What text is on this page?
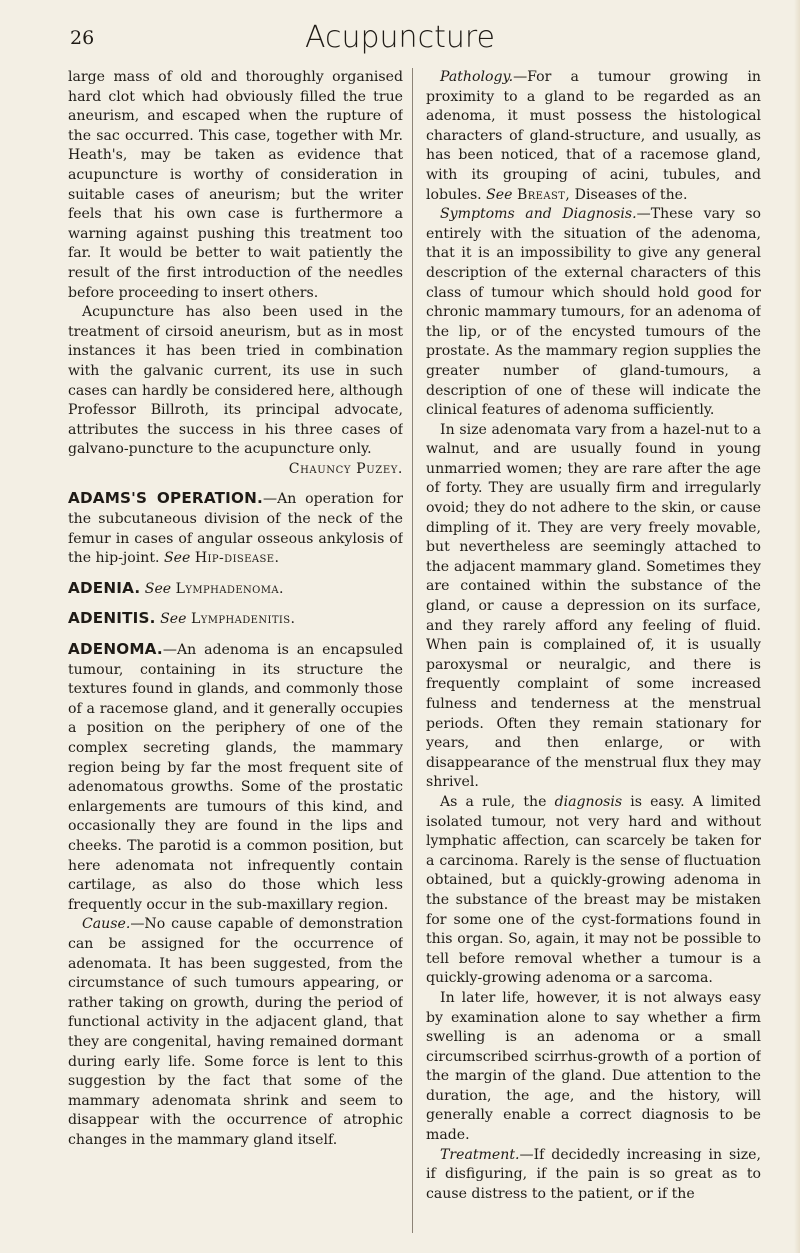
26	Acupuncture

large mass of old and thoroughly organised hard clot which had obviously filled the true aneurism, and escaped when the rupture of the sac occurred. This case, together with Mr. Heath's, may be taken as evidence that acupuncture is worthy of consideration in suitable cases of aneurism; but the writer feels that his own case is furthermore a warning against pushing this treatment too far. It would be better to wait patiently the result of the first introduction of the needles before proceeding to insert others.

Acupuncture has also been used in the treatment of cirsoid aneurism, but as in most instances it has been tried in combination with the galvanic current, its use in such cases can hardly be considered here, although Professor Billroth, its principal advocate, attributes the success in his three cases of galvano-puncture to the acupuncture only.
Chauncy Puzey.

ADAMS'S OPERATION.—An operation for the subcutaneous division of the neck of the femur in cases of angular osseous ankylosis of the hip-joint. See Hip-disease.

ADENIA. See Lymphadenoma.

ADENITIS. See Lymphadenitis.

ADENOMA.—An adenoma is an encapsuled tumour, containing in its structure the textures found in glands, and commonly those of a racemose gland, and it generally occupies a position on the periphery of one of the complex secreting glands, the mammary region being by far the most frequent site of adenomatous growths. Some of the prostatic enlargements are tumours of this kind, and occasionally they are found in the lips and cheeks. The parotid is a common position, but here adenomata not infrequently contain cartilage, as also do those which less frequently occur in the sub-maxillary region.

Cause.—No cause capable of demonstration can be assigned for the occurrence of adenomata. It has been suggested, from the circumstance of such tumours appearing, or rather taking on growth, during the period of functional activity in the adjacent gland, that they are congenital, having remained dormant during early life. Some force is lent to this suggestion by the fact that some of the mammary adenomata shrink and seem to disappear with the occurrence of atrophic changes in the mammary gland itself.

Pathology.—For a tumour growing in proximity to a gland to be regarded as an adenoma, it must possess the histological characters of gland-structure, and usually, as has been noticed, that of a racemose gland, with its grouping of acini, tubules, and lobules. See Breast, Diseases of the.

Symptoms and Diagnosis.—These vary so entirely with the situation of the adenoma, that it is an impossibility to give any general description of the external characters of this class of tumour which should hold good for chronic mammary tumours, for an adenoma of the lip, or of the encysted tumours of the prostate. As the mammary region supplies the greater number of gland-tumours, a description of one of these will indicate the clinical features of adenoma sufficiently.

In size adenomata vary from a hazel-nut to a walnut, and are usually found in young unmarried women; they are rare after the age of forty. They are usually firm and irregularly ovoid; they do not adhere to the skin, or cause dimpling of it. They are very freely movable, but nevertheless are seemingly attached to the adjacent mammary gland. Sometimes they are contained within the substance of the gland, or cause a depression on its surface, and they rarely afford any feeling of fluid. When pain is complained of, it is usually paroxysmal or neuralgic, and there is frequently complaint of some increased fulness and tenderness at the menstrual periods. Often they remain stationary for years, and then enlarge, or with disappearance of the menstrual flux they may shrivel.

As a rule, the diagnosis is easy. A limited isolated tumour, not very hard and without lymphatic affection, can scarcely be taken for a carcinoma. Rarely is the sense of fluctuation obtained, but a quickly-growing adenoma in the substance of the breast may be mistaken for some one of the cyst-formations found in this organ. So, again, it may not be possible to tell before removal whether a tumour is a quickly-growing adenoma or a sarcoma.

In later life, however, it is not always easy by examination alone to say whether a firm swelling is an adenoma or a small circumscribed scirrhus-growth of a portion of the margin of the gland. Due attention to the duration, the age, and the history, will generally enable a correct diagnosis to be made.

Treatment.—If decidedly increasing in size, if disfiguring, if the pain is so great as to cause distress to the patient, or if the
